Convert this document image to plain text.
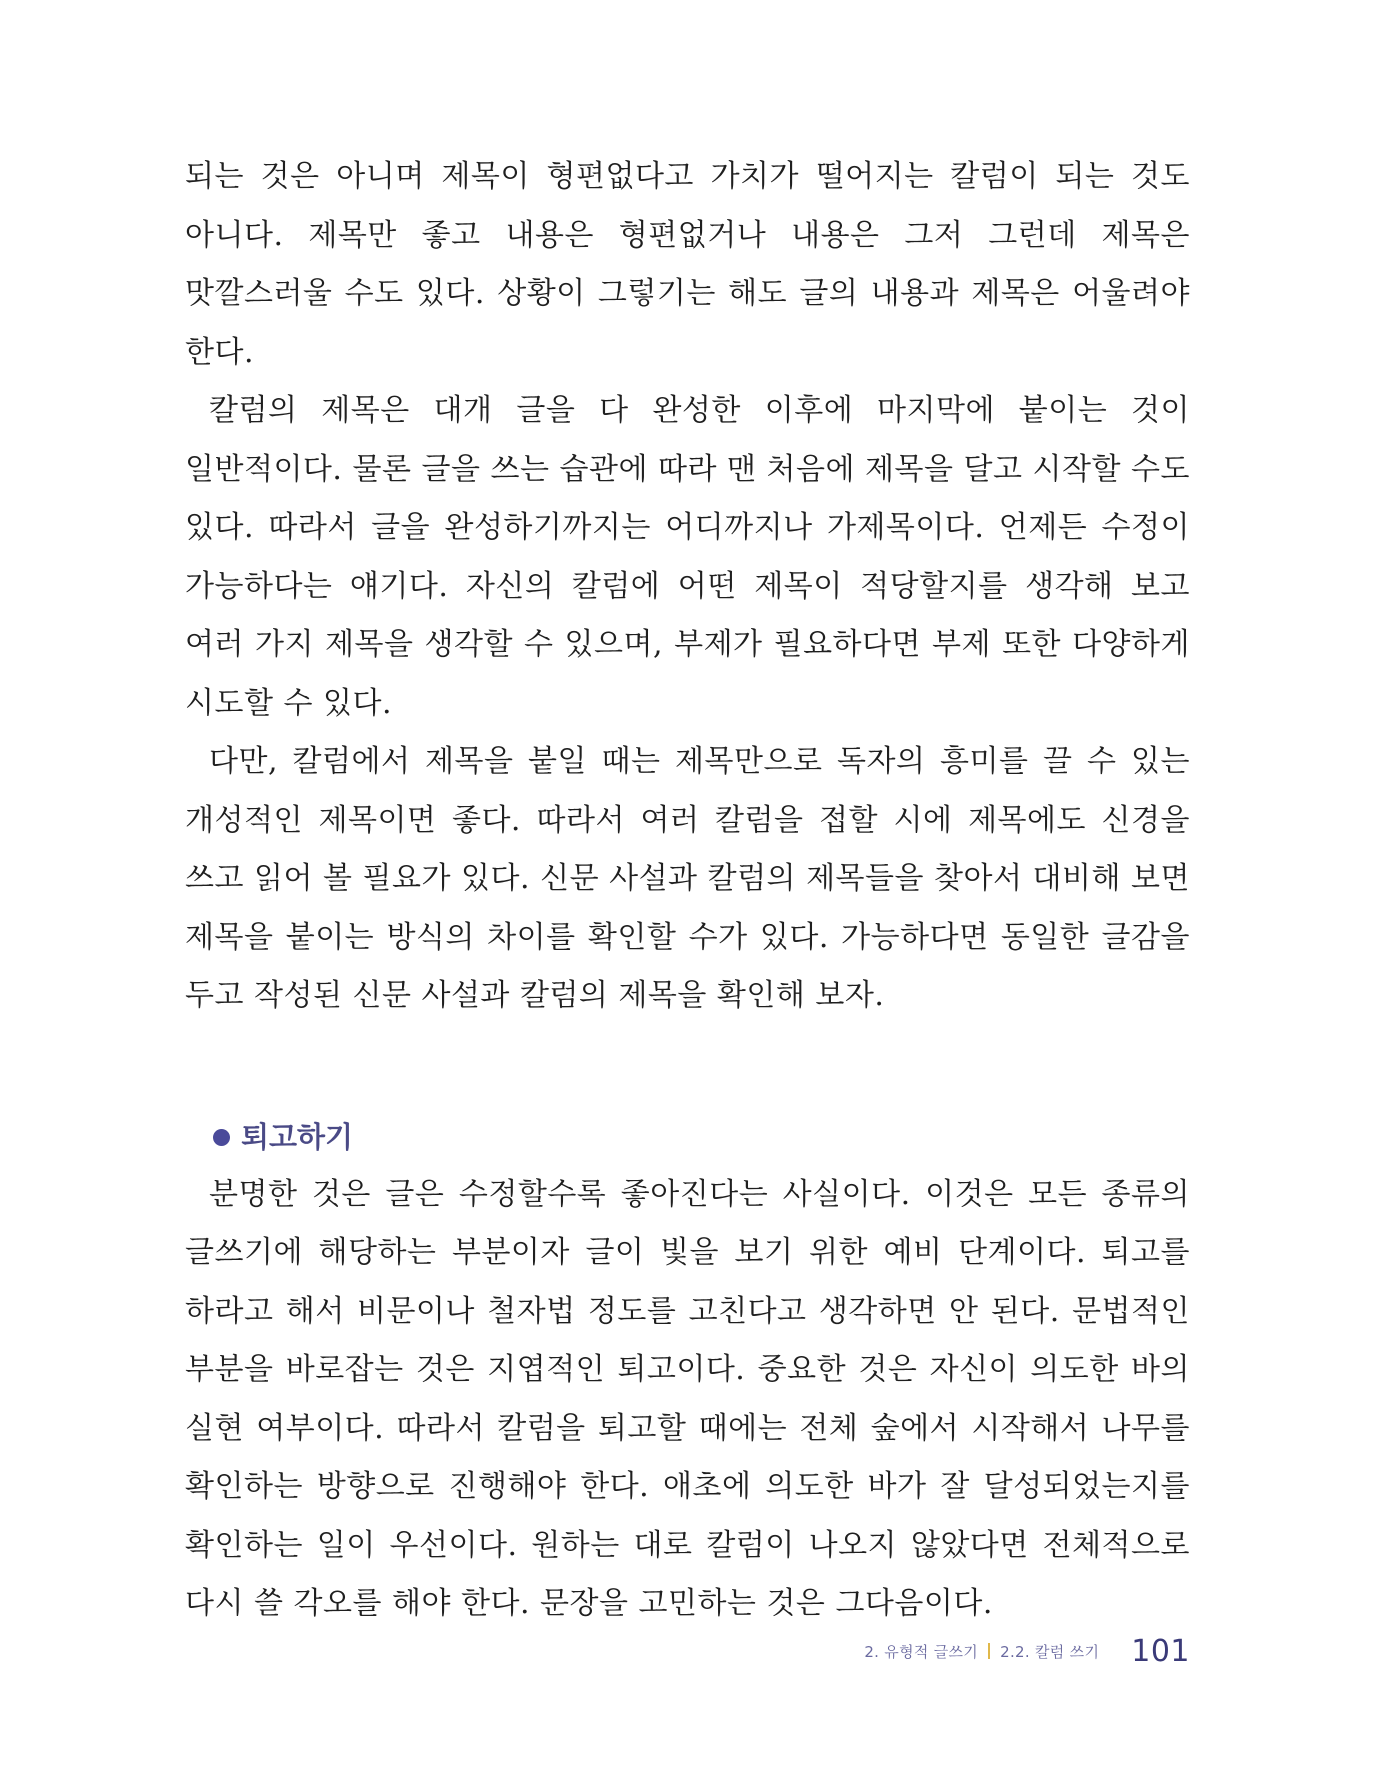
되는 것은 아니며 제목이 형편없다고 가치가 떨어지는 칼럼이 되는 것도 아니다. 제목만 좋고 내용은 형편없거나 내용은 그저 그런데 제목은 맛깔스러울 수도 있다. 상황이 그렇기는 해도 글의 내용과 제목은 어울려야 한다.

칼럼의 제목은 대개 글을 다 완성한 이후에 마지막에 붙이는 것이 일반적이다. 물론 글을 쓰는 습관에 따라 맨 처음에 제목을 달고 시작할 수도 있다. 따라서 글을 완성하기까지는 어디까지나 가제목이다. 언제든 수정이 가능하다는 얘기다. 자신의 칼럼에 어떤 제목이 적당할지를 생각해 보고 여러 가지 제목을 생각할 수 있으며, 부제가 필요하다면 부제 또한 다양하게 시도할 수 있다.

다만, 칼럼에서 제목을 붙일 때는 제목만으로 독자의 흥미를 끌 수 있는 개성적인 제목이면 좋다. 따라서 여러 칼럼을 접할 시에 제목에도 신경을 쓰고 읽어 볼 필요가 있다. 신문 사설과 칼럼의 제목들을 찾아서 대비해 보면 제목을 붙이는 방식의 차이를 확인할 수가 있다. 가능하다면 동일한 글감을 두고 작성된 신문 사설과 칼럼의 제목을 확인해 보자.

퇴고하기

분명한 것은 글은 수정할수록 좋아진다는 사실이다. 이것은 모든 종류의 글쓰기에 해당하는 부분이자 글이 빛을 보기 위한 예비 단계이다. 퇴고를 하라고 해서 비문이나 철자법 정도를 고친다고 생각하면 안 된다. 문법적인 부분을 바로잡는 것은 지엽적인 퇴고이다. 중요한 것은 자신이 의도한 바의 실현 여부이다. 따라서 칼럼을 퇴고할 때에는 전체 숲에서 시작해서 나무를 확인하는 방향으로 진행해야 한다. 애초에 의도한 바가 잘 달성되었는지를 확인하는 일이 우선이다. 원하는 대로 칼럼이 나오지 않았다면 전체적으로 다시 쓸 각오를 해야 한다. 문장을 고민하는 것은 그다음이다.

2. 유형적 글쓰기 2.2. 칼럼 쓰기 101
